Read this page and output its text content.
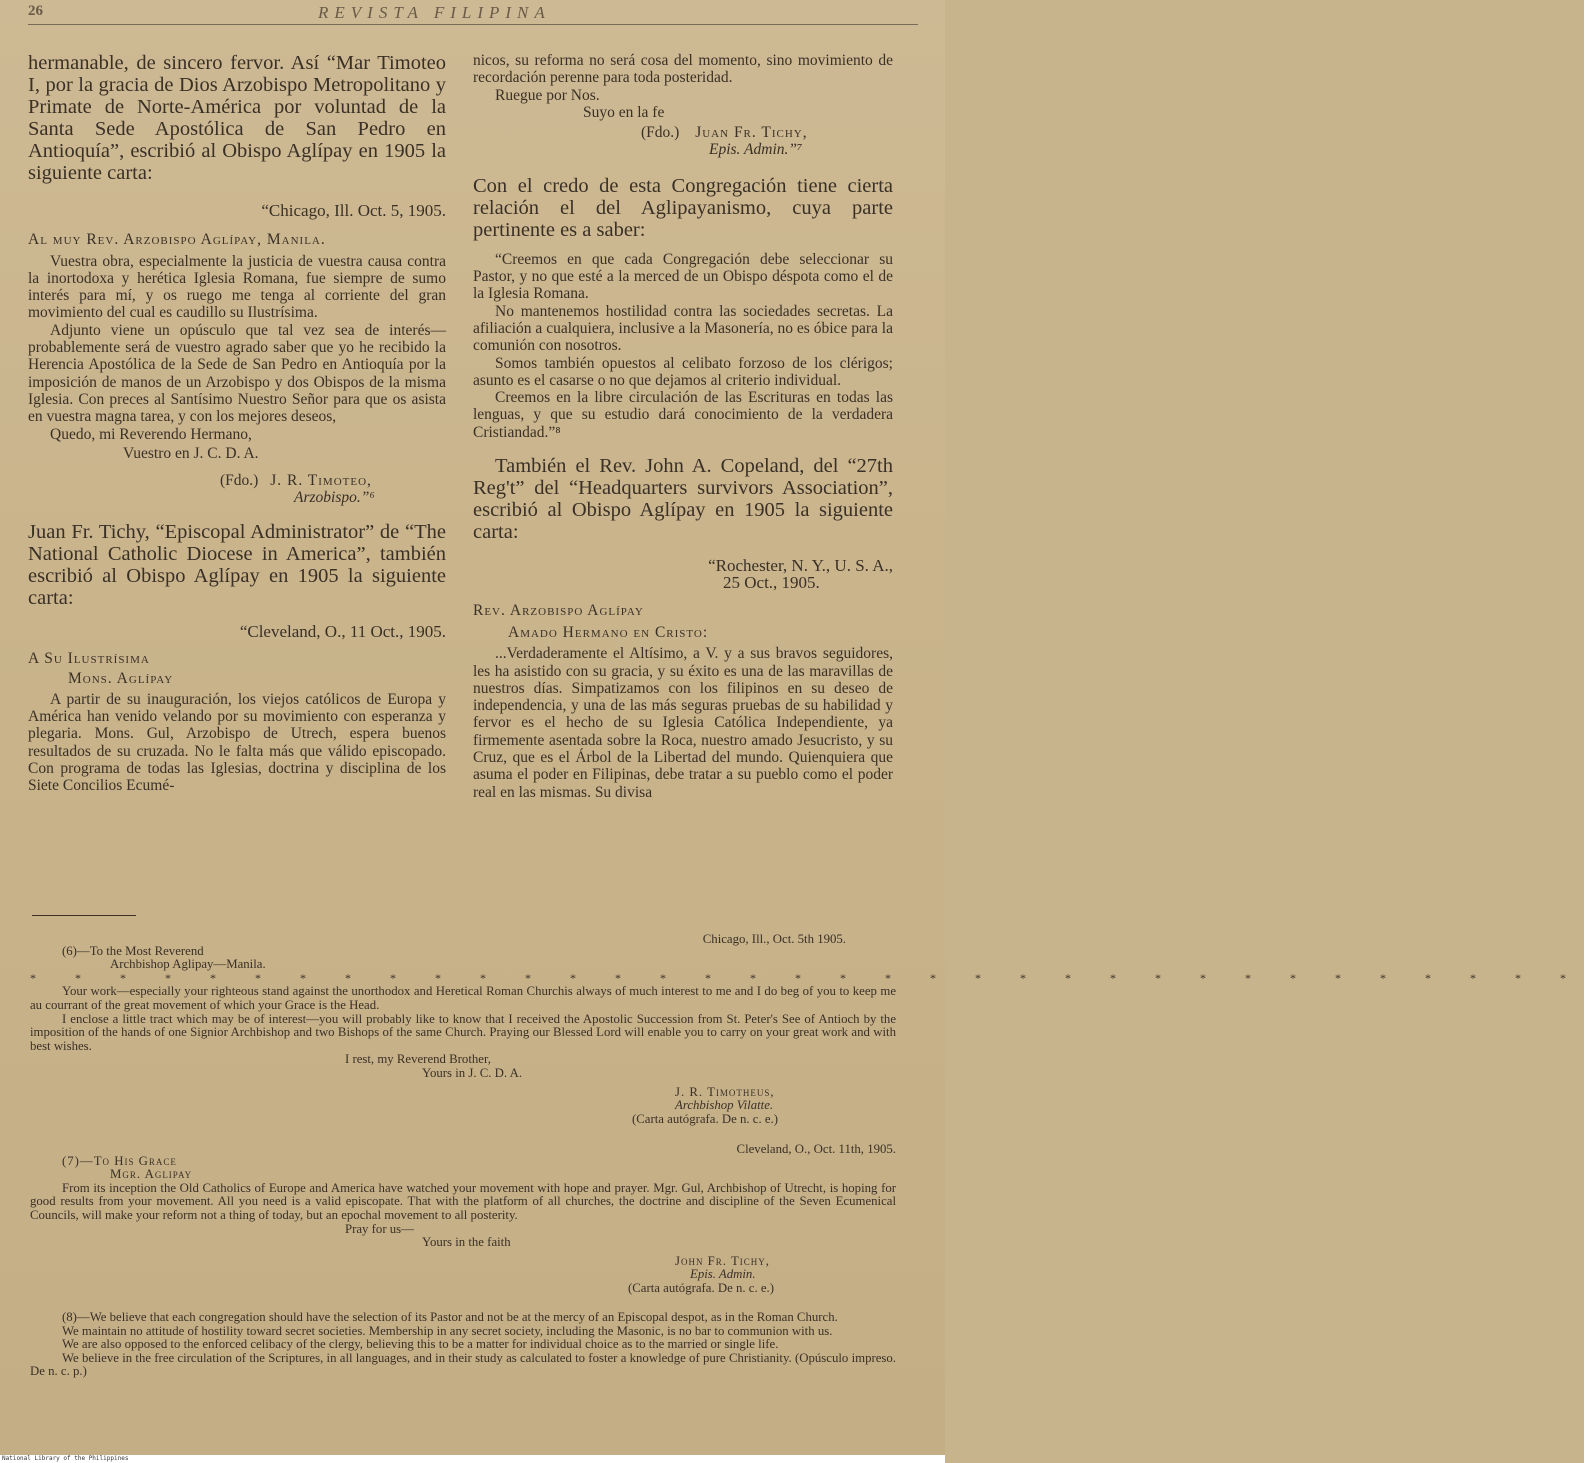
26	REVISTA FILIPINA

hermanable, de sincero fervor. Así “Mar Timoteo I, por la gracia de Dios Arzobispo Metropolitano y Primate de Norte-América por voluntad de la Santa Sede Apostólica de San Pedro en Antioquía”, escribió al Obispo Aglípay en 1905 la siguiente carta:

“Chicago, Ill. Oct. 5, 1905.

Al muy Rev. Arzobispo Aglípay, Manila.

Vuestra obra, especialmente la justicia de vuestra causa contra la inortodoxa y herética Iglesia Romana, fue siempre de sumo interés para mí, y os ruego me tenga al corriente del gran movimiento del cual es caudillo su Ilustrísima.

Adjunto viene un opúsculo que tal vez sea de interés—probablemente será de vuestro agrado saber que yo he recibido la Herencia Apostólica de la Sede de San Pedro en Antioquía por la imposición de manos de un Arzobispo y dos Obispos de la misma Iglesia. Con preces al Santísimo Nuestro Señor para que os asista en vuestra magna tarea, y con los mejores deseos,

Quedo, mi Reverendo Hermano,

Vuestro en J. C. D. A.

(Fdo.) J. R. Timoteo,

Arzobispo.”⁶

Juan Fr. Tichy, “Episcopal Administrator” de “The National Catholic Diocese in America”, también escribió al Obispo Aglípay en 1905 la siguiente carta:

“Cleveland, O., 11 Oct., 1905.

A Su Ilustrísima

Mons. Aglípay

A partir de su inauguración, los viejos católicos de Europa y América han venido velando por su movimiento con esperanza y plegaria. Mons. Gul, Arzobispo de Utrech, espera buenos resultados de su cruzada. No le falta más que válido episcopado. Con programa de todas las Iglesias, doctrina y disciplina de los Siete Concilios Ecumé-

nicos, su reforma no será cosa del momento, sino movimiento de recordación perenne para toda posteridad.

Ruegue por Nos.

Suyo en la fe

(Fdo.) Juan Fr. Tichy,

Epis. Admin.”⁷

Con el credo de esta Congregación tiene cierta relación el del Aglipayanismo, cuya parte pertinente es a saber:

“Creemos en que cada Congregación debe seleccionar su Pastor, y no que esté a la merced de un Obispo déspota como el de la Iglesia Romana.

No mantenemos hostilidad contra las sociedades secretas. La afiliación a cualquiera, inclusive a la Masonería, no es óbice para la comunión con nosotros.

Somos también opuestos al celibato forzoso de los clérigos; asunto es el casarse o no que dejamos al criterio individual.

Creemos en la libre circulación de las Escrituras en todas las lenguas, y que su estudio dará conocimiento de la verdadera Cristiandad.”⁸

También el Rev. John A. Copeland, del “27th Reg't” del “Headquarters survivors Association”, escribió al Obispo Aglípay en 1905 la siguiente carta:

“Rochester, N. Y., U. S. A.,

25 Oct., 1905.

Rev. Arzobispo Aglípay

Amado Hermano en Cristo:

...Verdaderamente el Altísimo, a V. y a sus bravos seguidores, les ha asistido con su gracia, y su éxito es una de las maravillas de nuestros días. Simpatizamos con los filipinos en su deseo de independencia, y una de las más seguras pruebas de su habilidad y fervor es el hecho de su Iglesia Católica Independiente, ya firmemente asentada sobre la Roca, nuestro amado Jesucristo, y su Cruz, que es el Árbol de la Libertad del mundo. Quienquiera que asuma el poder en Filipinas, debe tratar a su pueblo como el poder real en las mismas. Su divisa

Chicago, Ill., Oct. 5th 1905.

(6)—To the Most Reverend

Archbishop Aglipay—Manila.

* * * * * * * * * * * * * * * * * * * * * * * * * * * * * * * * * * *

Your work—especially your righteous stand against the unorthodox and Heretical Roman Churchis always of much interest to me and I do beg of you to keep me au courrant of the great movement of which your Grace is the Head.

I enclose a little tract which may be of interest—you will probably like to know that I received the Apostolic Succession from St. Peter's See of Antioch by the imposition of the hands of one Signior Archbishop and two Bishops of the same Church. Praying our Blessed Lord will enable you to carry on your great work and with best wishes.

I rest, my Reverend Brother,

Yours in J. C. D. A.

J. R. Timotheus,

Archbishop Vilatte.

(Carta autógrafa. De n. c. e.)

Cleveland, O., Oct. 11th, 1905.

(7)—To His Grace

Mgr. Aglipay

From its inception the Old Catholics of Europe and America have watched your movement with hope and prayer. Mgr. Gul, Archbishop of Utrecht, is hoping for good results from your movement. All you need is a valid episcopate. That with the platform of all churches, the doctrine and discipline of the Seven Ecumenical Councils, will make your reform not a thing of today, but an epochal movement to all posterity.

Pray for us—

Yours in the faith

John Fr. Tichy,

Epis. Admin.

(Carta autógrafa. De n. c. e.)

(8)—We believe that each congregation should have the selection of its Pastor and not be at the mercy of an Episcopal despot, as in the Roman Church.

We maintain no attitude of hostility toward secret societies. Membership in any secret society, including the Masonic, is no bar to communion with us.

We are also opposed to the enforced celibacy of the clergy, believing this to be a matter for individual choice as to the married or single life.

We believe in the free circulation of the Scriptures, in all languages, and in their study as calculated to foster a knowledge of pure Christianity. (Opúsculo impreso. De n. c. p.)

National Library of the Philippines
